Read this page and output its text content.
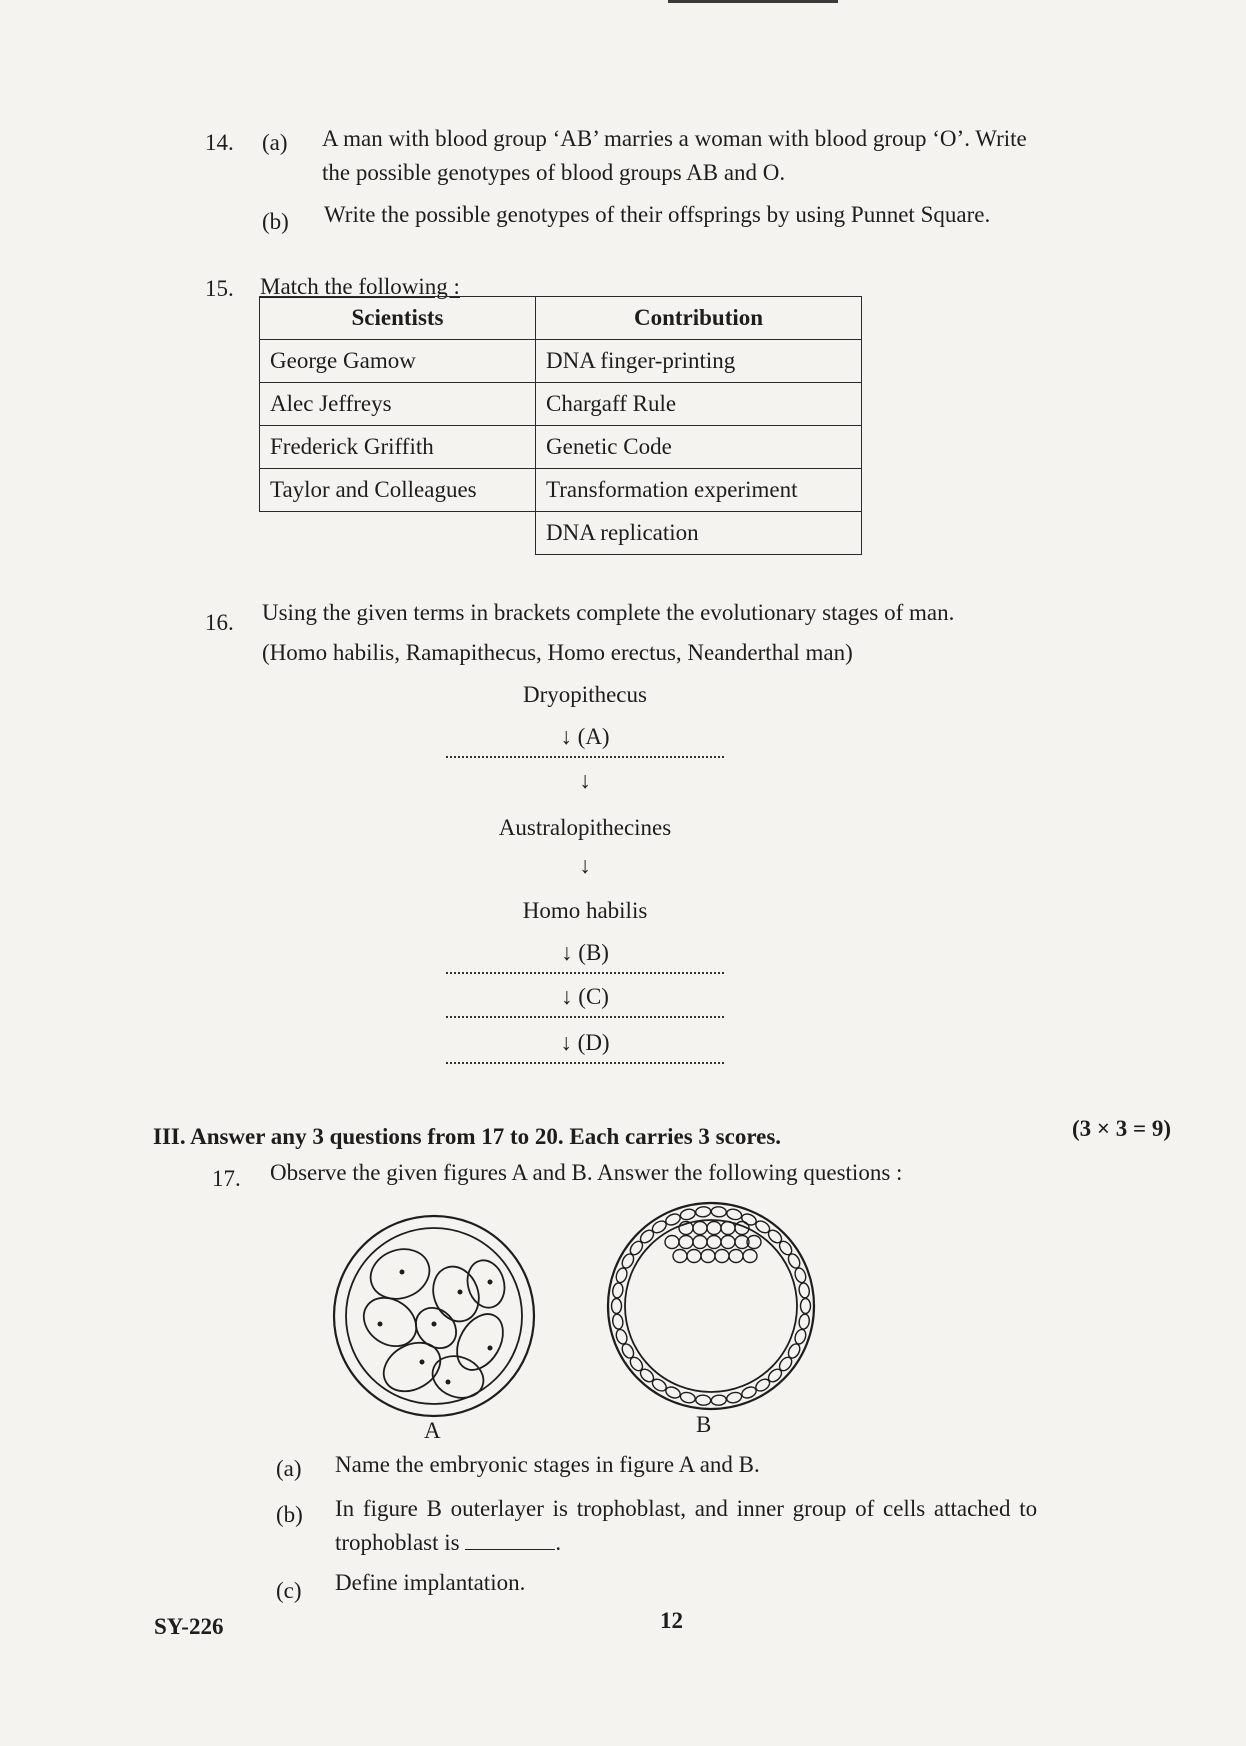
14. (a) A man with blood group ‘AB’ marries a woman with blood group ‘O’. Write
the possible genotypes of blood groups AB and O.
(b) Write the possible genotypes of their offsprings by using Punnet Square.
15. Match the following :
Scientists	Contribution
George Gamow	DNA finger-printing
Alec Jeffreys	Chargaff Rule
Frederick Griffith	Genetic Code
Taylor and Colleagues	Transformation experiment
	DNA replication
16. Using the given terms in brackets complete the evolutionary stages of man.
(Homo habilis, Ramapithecus, Homo erectus, Neanderthal man)
Dryopithecus
↓ (A)
↓
Australopithecines
↓
Homo habilis
↓ (B)
↓ (C)
↓ (D)
III. Answer any 3 questions from 17 to 20. Each carries 3 scores.	(3 × 3 = 9)
17. Observe the given figures A and B. Answer the following questions :
A	B
(a) Name the embryonic stages in figure A and B.
(b) In figure B outerlayer is trophoblast, and inner group of cells attached to
trophoblast is	.
(c) Define implantation.
SY-226	12
